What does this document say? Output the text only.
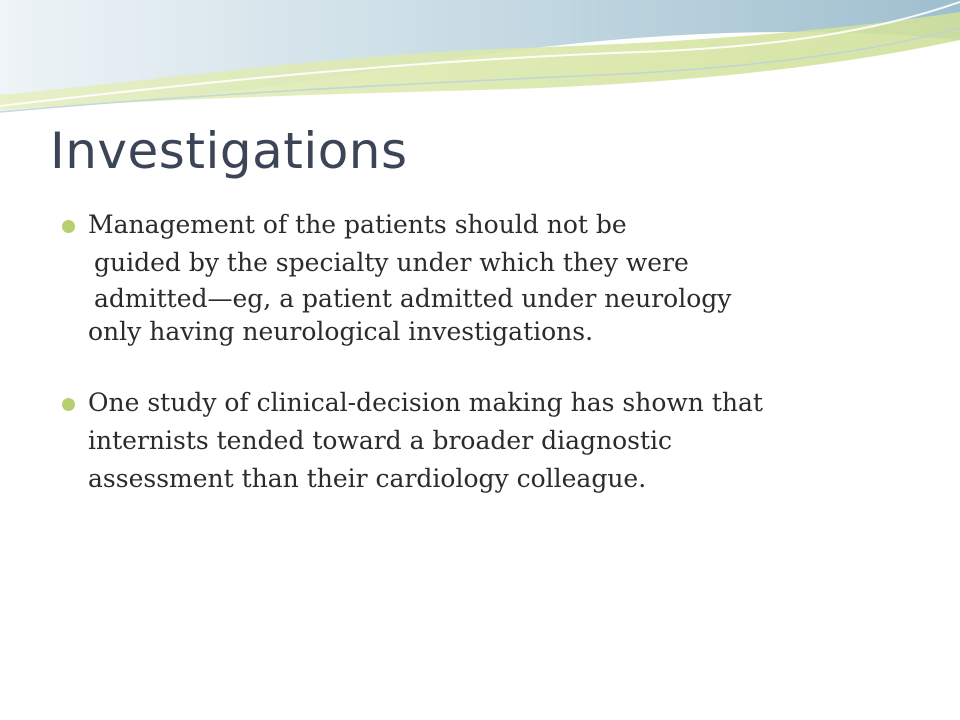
Investigations
Management of the patients should not be
guided by the specialty under which they were
admitted—eg, a patient admitted under neurology
only having neurological investigations.
One study of clinical-decision making has shown that
internists tended toward a broader diagnostic
assessment than their cardiology colleague.
